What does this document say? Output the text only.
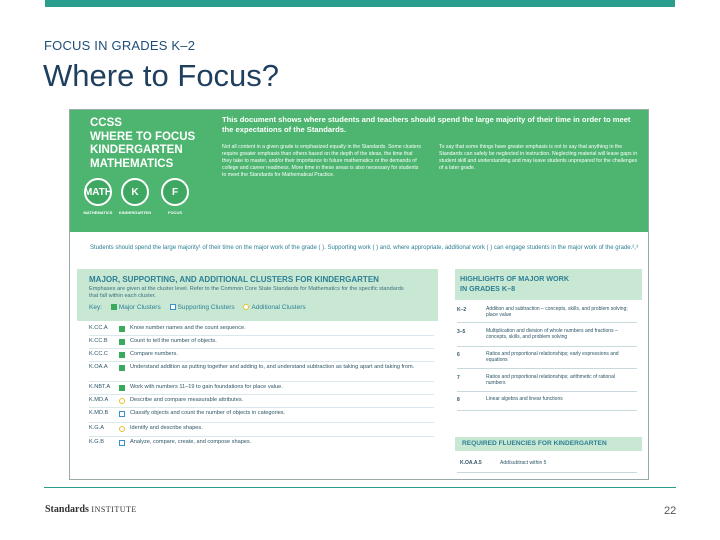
FOCUS IN GRADES K–2
Where to Focus?
CCSS
WHERE TO FOCUS
KINDERGARTEN
MATHEMATICS
MATH K	F
MATHEMATICS	KINDERGARTEN	FOCUS
This document shows where students and teachers should spend the large majority of their time in order to meet the expectations of the Standards.
Not all content in a given grade is emphasized equally in the Standards. Some clusters require greater emphasis than others based on the depth of the ideas, the time that they take to master, and/or their importance to future mathematics or the demands of college and career readiness. More time in these areas is also necessary for students to meet the Standards for Mathematical Practice.
To say that some things have greater emphasis is not to say that anything in the Standards can safely be neglected in instruction. Neglecting material will leave gaps in student skill and understanding and may leave students unprepared for the challenges of a later grade.
Students should spend the large majority¹ of their time on the major work of the grade ( ). Supporting work ( ) and, where appropriate, additional work ( ) can engage students in the major work of the grade.²,³
MAJOR, SUPPORTING, AND ADDITIONAL CLUSTERS FOR KINDERGARTEN
Emphases are given at the cluster level. Refer to the Common Core State Standards for Mathematics for the specific standards that fall within each cluster.
Key:	Major Clusters	Supporting Clusters	Additional Clusters
K.CC.A	Know number names and the count sequence.
K.CC.B	Count to tell the number of objects.
K.CC.C	Compare numbers.
K.OA.A	Understand addition as putting together and adding to, and understand subtraction as taking apart and taking from.
K.NBT.A	Work with numbers 11–19 to gain foundations for place value.
K.MD.A	Describe and compare measurable attributes.
K.MD.B	Classify objects and count the number of objects in categories.
K.G.A	Identify and describe shapes.
K.G.B	Analyze, compare, create, and compose shapes.
HIGHLIGHTS OF MAJOR WORK
IN GRADES K–8
K–2	Addition and subtraction – concepts, skills, and problem solving; place value
3–5	Multiplication and division of whole numbers and fractions – concepts, skills, and problem solving
6	Ratios and proportional relationships; early expressions and equations
7	Ratios and proportional relationships; arithmetic of rational numbers
8	Linear algebra and linear functions
REQUIRED FLUENCIES FOR KINDERGARTEN
K.OA.A.5	Add/subtract within 5
Standards INSTITUTE	22
